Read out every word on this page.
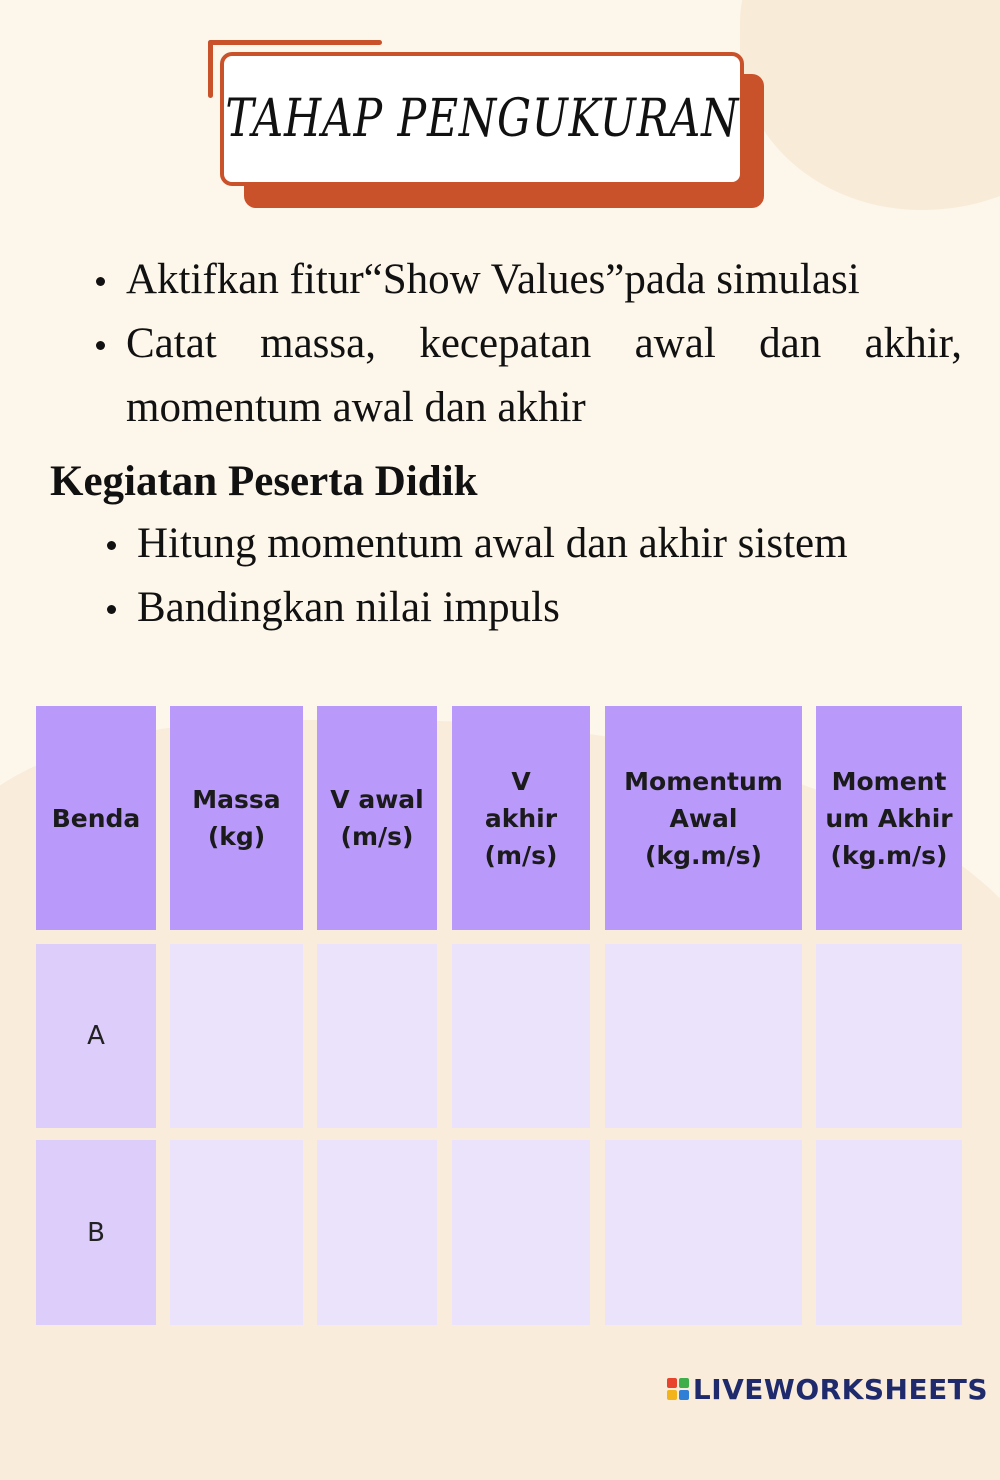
TAHAP PENGUKURAN
Aktifkan fitur“Show Values”pada simulasi
Catat massa, kecepatan awal dan akhir, momentum awal dan akhir
Kegiatan Peserta Didik
Hitung momentum awal dan akhir sistem
Bandingkan nilai impuls
Benda
Massa (kg)
V awal (m/s)
V akhir (m/s)
Momentum Awal (kg.m/s)
Moment um Akhir (kg.m/s)
A
B
LIVEWORKSHEETS
